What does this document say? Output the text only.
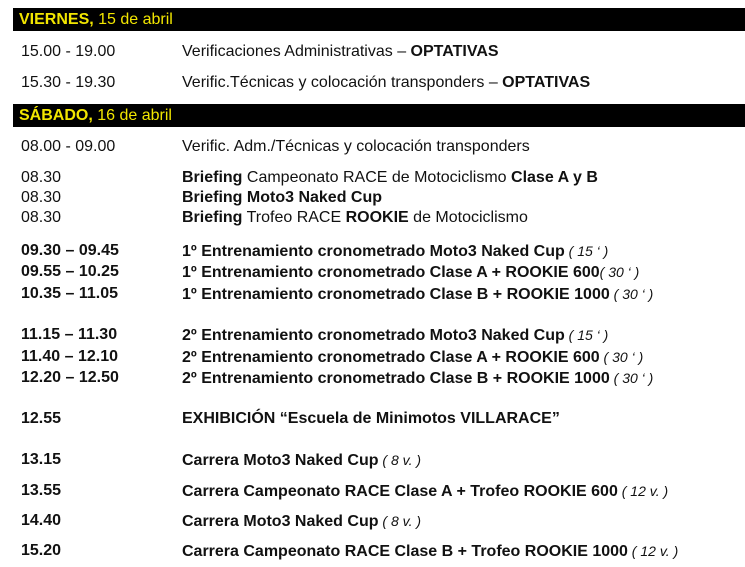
VIERNES, 15 de abril
15.00 - 19.00	Verificaciones Administrativas – OPTATIVAS
15.30 - 19.30	Verific.Técnicas y colocación transponders – OPTATIVAS
SÁBADO, 16 de abril
08.00 - 09.00	Verific. Adm./Técnicas y colocación transponders
08.30	Briefing Campeonato RACE de Motociclismo Clase A y B
08.30	Briefing Moto3 Naked Cup
08.30	Briefing Trofeo RACE ROOKIE de Motociclismo
09.30 – 09.45	1º Entrenamiento cronometrado Moto3 Naked Cup ( 15 ‘ )
09.55 – 10.25	1º Entrenamiento cronometrado Clase A + ROOKIE 600( 30 ‘ )
10.35 – 11.05	1º Entrenamiento cronometrado Clase B + ROOKIE 1000 ( 30 ‘ )
11.15 – 11.30	2º Entrenamiento cronometrado Moto3 Naked Cup ( 15 ‘ )
11.40 – 12.10	2º Entrenamiento cronometrado Clase A + ROOKIE 600 ( 30 ‘ )
12.20 – 12.50	2º Entrenamiento cronometrado Clase B + ROOKIE 1000 ( 30 ‘ )
12.55	EXHIBICIÓN “Escuela de Minimotos VILLARACE”
13.15	Carrera Moto3 Naked Cup ( 8 v. )
13.55	Carrera Campeonato RACE Clase A + Trofeo ROOKIE 600 ( 12 v. )
14.40	Carrera Moto3 Naked Cup ( 8 v. )
15.20	Carrera Campeonato RACE Clase B + Trofeo ROOKIE 1000 ( 12 v. )
